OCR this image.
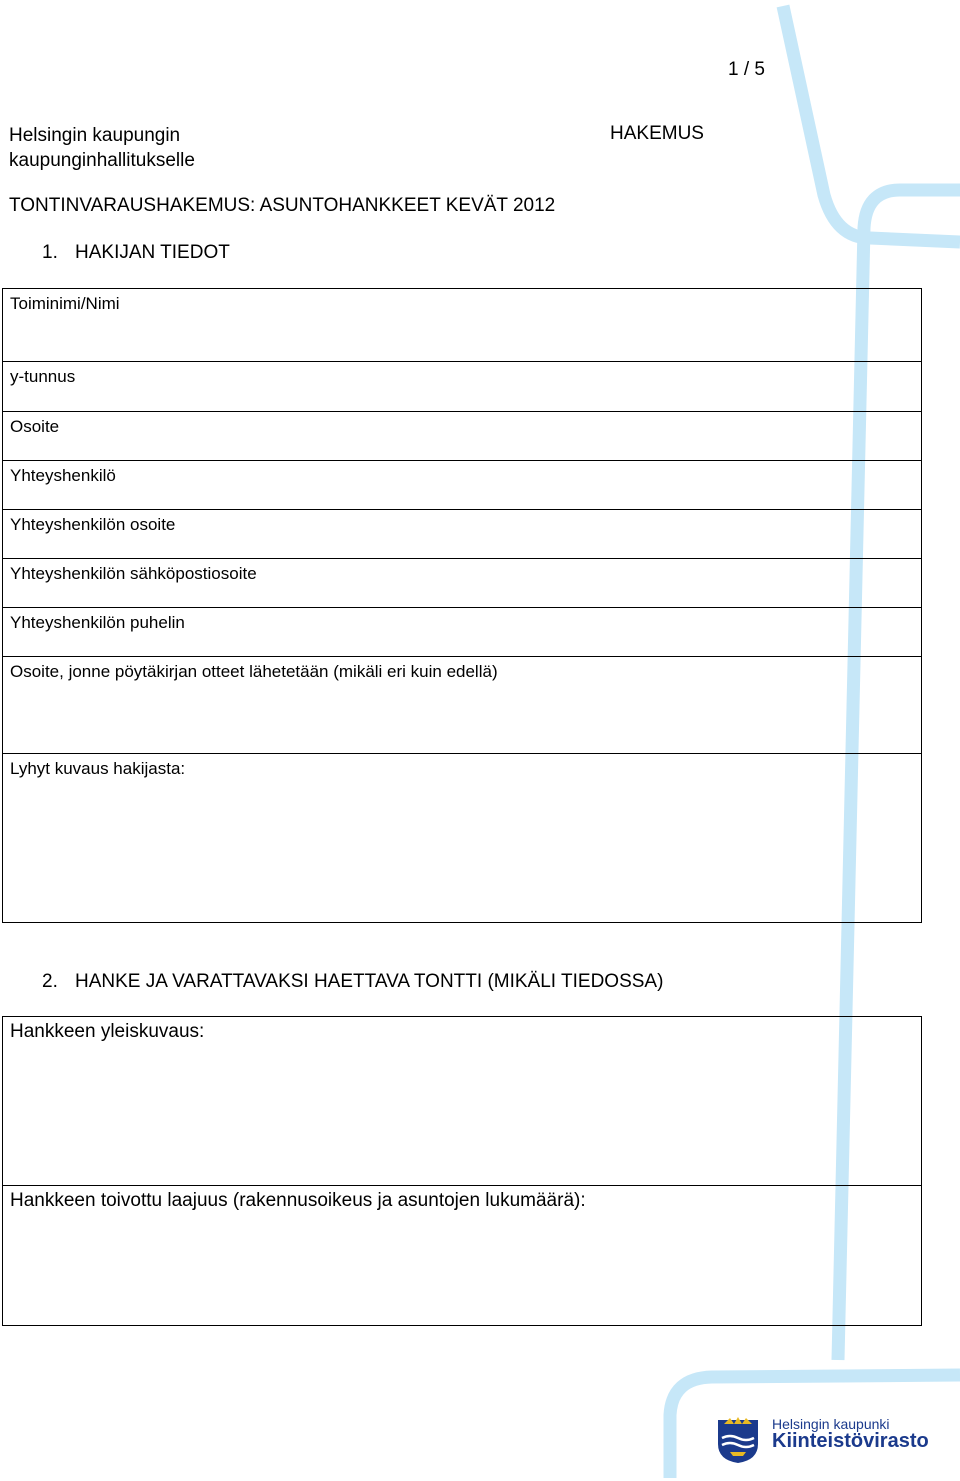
1 / 5
Helsingin kaupungin
kaupunginhallitukselle
HAKEMUS
TONTINVARAUSHAKEMUS: ASUNTOHANKKEET KEVÄT 2012
1. HAKIJAN TIEDOT
Toiminimi/Nimi
y-tunnus
Osoite
Yhteyshenkilö
Yhteyshenkilön osoite
Yhteyshenkilön sähköpostiosoite
Yhteyshenkilön puhelin
Osoite, jonne pöytäkirjan otteet lähetetään (mikäli eri kuin edellä)
Lyhyt kuvaus hakijasta:
2. HANKE JA VARATTAVAKSI HAETTAVA TONTTI (MIKÄLI TIEDOSSA)
Hankkeen yleiskuvaus:
Hankkeen toivottu laajuus (rakennusoikeus ja asuntojen lukumäärä):
Helsingin kaupunki
Kiinteistövirasto
